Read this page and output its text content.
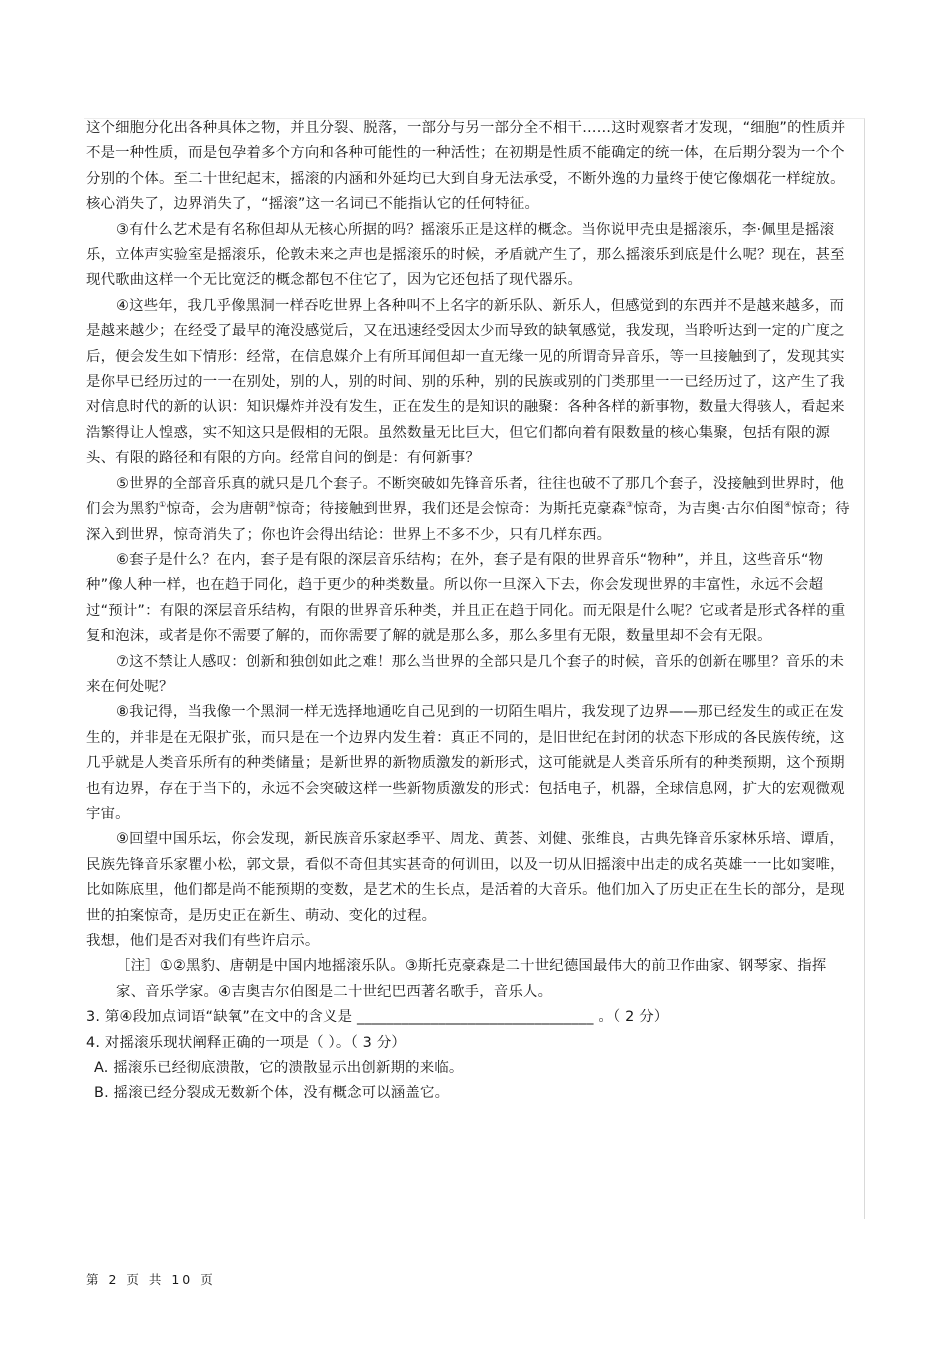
这个细胞分化出各种具体之物，并且分裂、脱落，一部分与另一部分全不相干……这时观察者才发现，“细胞”的性质并不是一种性质，而是包孕着多个方向和各种可能性的一种活性；在初期是性质不能确定的统一体，在后期分裂为一个个分别的个体。至二十世纪起末，摇滚的内涵和外延均已大到自身无法承受，不断外逸的力量终于使它像烟花一样绽放。核心消失了，边界消失了，“摇滚”这一名词已不能指认它的任何特征。

③有什么艺术是有名称但却从无核心所据的吗？摇滚乐正是这样的概念。当你说甲壳虫是摇滚乐，李·佩里是摇滚乐，立体声实验室是摇滚乐，伦敦未来之声也是摇滚乐的时候，矛盾就产生了，那么摇滚乐到底是什么呢？现在，甚至现代歌曲这样一个无比宽泛的概念都包不住它了，因为它还包括了现代器乐。

④这些年，我几乎像黑洞一样吞吃世界上各种叫不上名字的新乐队、新乐人，但感觉到的东西并不是越来越多，而是越来越少；在经受了最早的淹没感觉后，又在迅速经受因太少而导致的缺氧感觉，我发现，当聆听达到一定的广度之后，便会发生如下情形：经常，在信息媒介上有所耳闻但却一直无缘一见的所谓奇异音乐，等一旦接触到了，发现其实是你早已经历过的一一在别处，别的人，别的时间、别的乐种，别的民族或别的门类那里一一已经历过了，这产生了我对信息时代的新的认识：知识爆炸并没有发生，正在发生的是知识的融聚：各种各样的新事物，数量大得骇人，看起来浩繁得让人惶惑，实不知这只是假相的无限。虽然数量无比巨大，但它们都向着有限数量的核心集聚，包括有限的源头、有限的路径和有限的方向。经常自问的倒是：有何新事？

⑤世界的全部音乐真的就只是几个套子。不断突破如先锋音乐者，往往也破不了那几个套子，没接触到世界时，他们会为黑豹①惊奇，会为唐朝②惊奇；待接触到世界，我们还是会惊奇：为斯托克豪森③惊奇，为吉奥·古尔伯图④惊奇；待深入到世界，惊奇消失了；你也许会得出结论：世界上不多不少，只有几样东西。

⑥套子是什么？在内，套子是有限的深层音乐结构；在外，套子是有限的世界音乐“物种”，并且，这些音乐“物种”像人种一样，也在趋于同化，趋于更少的种类数量。所以你一旦深入下去，你会发现世界的丰富性，永远不会超过“预计”：有限的深层音乐结构，有限的世界音乐种类，并且正在趋于同化。而无限是什么呢？它或者是形式各样的重复和泡沫，或者是你不需要了解的，而你需要了解的就是那么多，那么多里有无限，数量里却不会有无限。

⑦这不禁让人感叹：创新和独创如此之难！那么当世界的全部只是几个套子的时候，音乐的创新在哪里？音乐的未来在何处呢？

⑧我记得，当我像一个黑洞一样无选择地通吃自己见到的一切陌生唱片，我发现了边界——那已经发生的或正在发生的，并非是在无限扩张，而只是在一个边界内发生着：真正不同的，是旧世纪在封闭的状态下形成的各民族传统，这几乎就是人类音乐所有的种类储量；是新世界的新物质激发的新形式，这可能就是人类音乐所有的种类预期，这个预期也有边界，存在于当下的，永远不会突破这样一些新物质激发的形式：包括电子，机器，全球信息网，扩大的宏观微观宇宙。

⑨回望中国乐坛，你会发现，新民族音乐家赵季平、周龙、黄荟、刘健、张维良，古典先锋音乐家林乐培、谭盾，民族先锋音乐家瞿小松，郭文景，看似不奇但其实甚奇的何训田，以及一切从旧摇滚中出走的成名英雄一一比如窦唯，比如陈底里，他们都是尚不能预期的变数，是艺术的生长点，是活着的大音乐。他们加入了历史正在生长的部分，是现世的拍案惊奇，是历史正在新生、萌动、变化的过程。

我想，他们是否对我们有些许启示。

［注］①②黑豹、唐朝是中国内地摇滚乐队。③斯托克豪森是二十世纪德国最伟大的前卫作曲家、钢琴家、指挥家、音乐学家。④吉奥吉尔伯图是二十世纪巴西著名歌手，音乐人。

3. 第④段加点词语“缺氧”在文中的含义是 ________________________________ 。（ 2 分）

4. 对摇滚乐现状阐释正确的一项是（ ）。（ 3 分）

A. 摇滚乐已经彻底溃散，它的溃散显示出创新期的来临。

B. 摇滚已经分裂成无数新个体，没有概念可以涵盖它。

第 2 页 共 10 页
